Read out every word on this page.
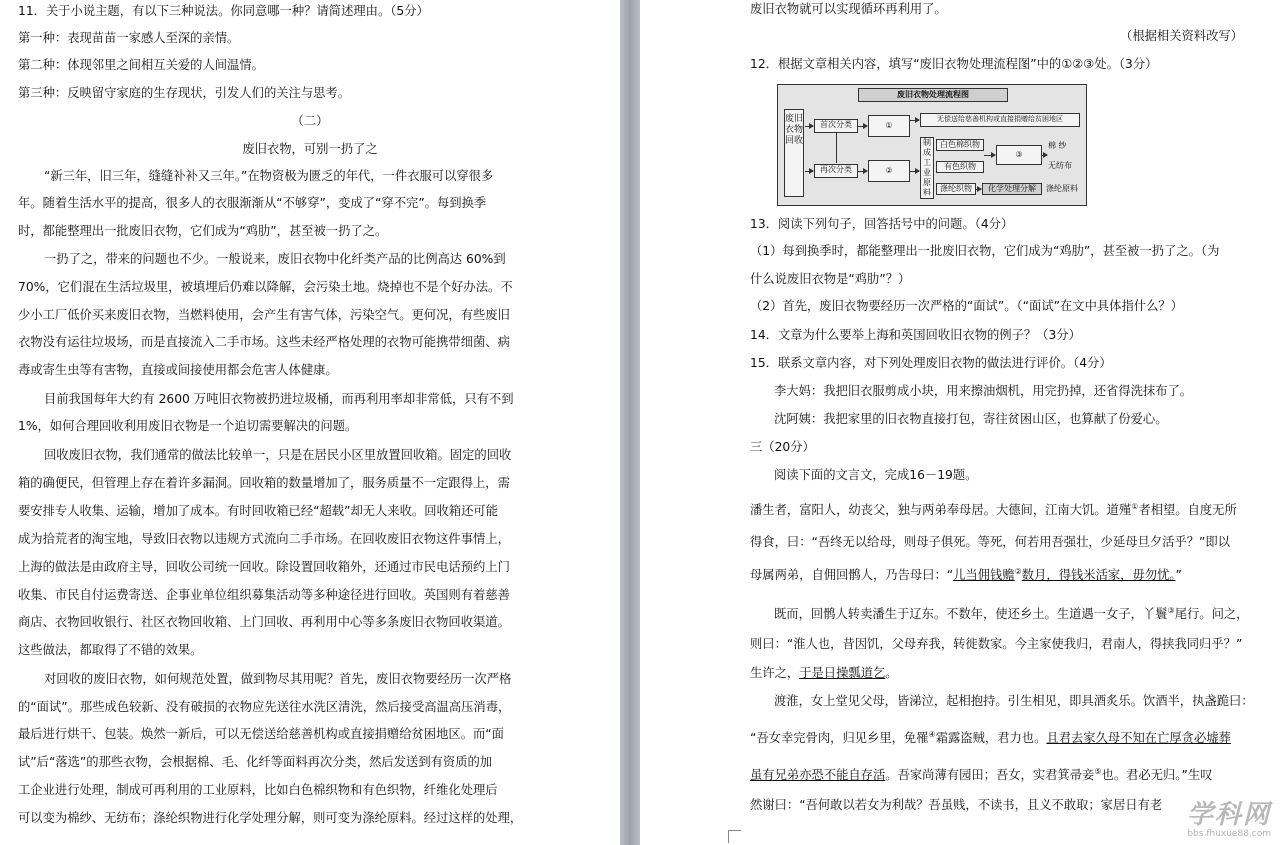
11．关于小说主题，有以下三种说法。你同意哪一种？请简述理由。（5分）
第一种：表现苗苗一家感人至深的亲情。
第二种：体现邻里之间相互关爱的人间温情。
第三种：反映留守家庭的生存现状，引发人们的关注与思考。
（二）
废旧衣物，可别一扔了之
“新三年，旧三年，缝缝补补又三年。”在物资极为匮乏的年代，一件衣服可以穿很多
年。随着生活水平的提高，很多人的衣服渐渐从“不够穿”，变成了“穿不完”。每到换季
时，都能整理出一批废旧衣物，它们成为“鸡肋”，甚至被一扔了之。
一扔了之，带来的问题也不少。一般说来，废旧衣物中化纤类产品的比例高达 60%到
70%，它们混在生活垃圾里，被填埋后仍难以降解，会污染土地。烧掉也不是个好办法。不
少小工厂低价买来废旧衣物，当燃料使用，会产生有害气体，污染空气。更何况，有些废旧
衣物没有运往垃圾场，而是直接流入二手市场。这些未经严格处理的衣物可能携带细菌、病
毒或寄生虫等有害物，直接或间接使用都会危害人体健康。
目前我国每年大约有 2600 万吨旧衣物被扔进垃圾桶，而再利用率却非常低，只有不到
1%，如何合理回收利用废旧衣物是一个迫切需要解决的问题。
回收废旧衣物，我们通常的做法比较单一，只是在居民小区里放置回收箱。固定的回收
箱的确便民，但管理上存在着许多漏洞。回收箱的数量增加了，服务质量不一定跟得上，需
要安排专人收集、运输，增加了成本。有时回收箱已经“超载”却无人来收。回收箱还可能
成为拾荒者的淘宝地，导致旧衣物以违规方式流向二手市场。在回收废旧衣物这件事情上，
上海的做法是由政府主导，回收公司统一回收。除设置回收箱外，还通过市民电话预约上门
收集、市民自付运费寄送、企事业单位组织募集活动等多种途径进行回收。英国则有着慈善
商店、衣物回收银行、社区衣物回收箱、上门回收、再利用中心等多条废旧衣物回收渠道。
这些做法，都取得了不错的效果。
对回收的废旧衣物，如何规范处置，做到物尽其用呢？首先，废旧衣物要经历一次严格
的“面试”。那些成色较新、没有破损的衣物应先送往水洗区清洗，然后接受高温高压消毒，
最后进行烘干、包装。焕然一新后，可以无偿送给慈善机构或直接捐赠给贫困地区。而“面
试”后“落选”的那些衣物，会根据棉、毛、化纤等面料再次分类，然后发送到有资质的加
工企业进行处理，制成可再利用的工业原料，比如白色棉织物和有色织物，纤维化处理后
可以变为棉纱、无纺布；涤纶织物进行化学处理分解，则可变为涤纶原料。经过这样的处理，
废旧衣物就可以实现循环再利用了。
（根据相关资料改写）
12．根据文章相关内容，填写“废旧衣物处理流程图”中的①②③处。（3分）
13．阅读下列句子，回答括号中的问题。（4分）
（1）每到换季时，都能整理出一批废旧衣物，它们成为“鸡肋”，甚至被一扔了之。（为
什么说废旧衣物是“鸡肋”？）
（2）首先，废旧衣物要经历一次严格的“面试”。（“面试”在文中具体指什么？）
14．文章为什么要举上海和英国回收旧衣物的例子？（3分）
15．联系文章内容，对下列处理废旧衣物的做法进行评价。（4分）
李大妈：我把旧衣服剪成小块，用来擦油烟机，用完扔掉，还省得洗抹布了。
沈阿姨：我把家里的旧衣物直接打包，寄往贫困山区，也算献了份爱心。
三（20分）
阅读下面的文言文，完成16－19题。
潘生者，富阳人，幼丧父，独与两弟奉母居。大德间，江南大饥。道殣①者相望。自度无所
得食，曰：“吾终无以给母，则母子俱死。等死，何若用吾强壮，少延母旦夕活乎？”即以
母属两弟，自佣回鹘人，乃告母曰：“儿当佣钱赡②数月，得钱米活家，毋勿忧。”
既而，回鹘人转卖潘生于辽东。不数年，使还乡土。生道遇一女子，丫鬟③尾行。问之，
则曰：“淮人也，昔因饥，父母弃我，转徙数家。今主家使我归，君南人，得挟我同归乎？”
生许之，于是日操瓢道乞。
渡淮，女上堂见父母，皆涕泣，起相抱持。引生相见，即具酒炙乐。饮酒半，执盏跪曰：
“吾女幸完骨肉，归见乡里，免罹④霜露盗贼，君力也。且君去家久母不知在亡厚贪必墟葬
虽有兄弟亦恐不能自存活。吾家尚薄有园田；吾女，实君箕帚妾⑤也。君必无归。”生叹
然谢曰：“吾何敢以若女为利哉？吾虽贱，不读书，且义不敢取；家居日有老
废旧衣物处理流程图
废旧衣物回收
首次分类	①
无偿送给慈善机构或直接捐赠给贫困地区
再次分类	②
制成工业原料
白色棉织物
有色织物
③
棉 纱
无纺布
涤纶织物	化学处理分解	涤纶原料
学科网
bbs.fhuxue88.com
